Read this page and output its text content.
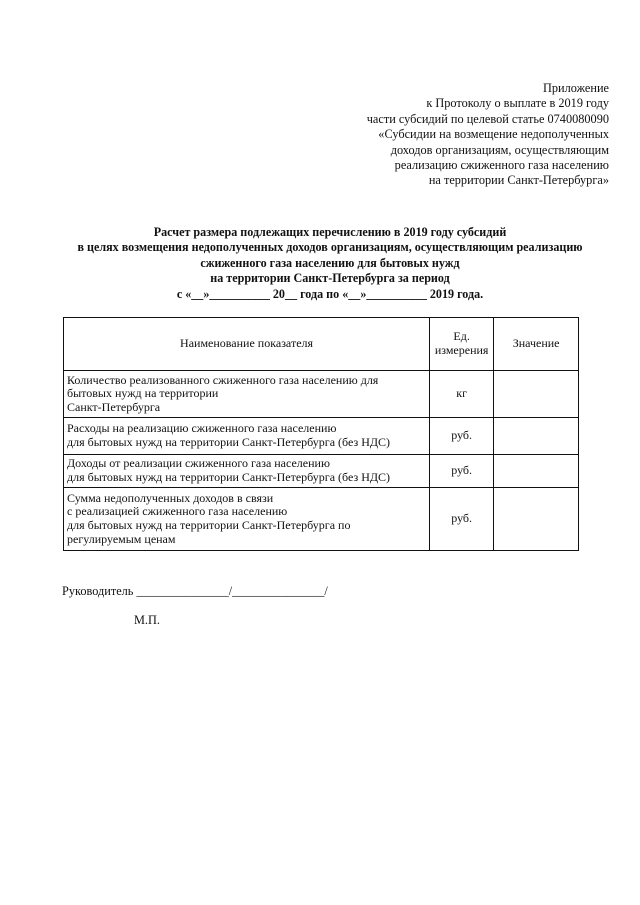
Приложение
к Протоколу о выплате в 2019 году
части субсидий по целевой статье 0740080090
«Субсидии на возмещение недополученных
доходов организациям, осуществляющим
реализацию сжиженного газа населению
на территории Санкт-Петербурга»
Расчет размера подлежащих перечислению в 2019 году субсидий
в целях возмещения недополученных доходов организациям, осуществляющим реализацию
сжиженного газа населению для бытовых нужд
на территории Санкт-Петербурга за период
с «__»__________ 20__ года по «__»__________ 2019 года.
Наименование показателя	Ед. измерения	Значение

Количество реализованного сжиженного газа населению для
бытовых нужд на территории
Санкт-Петербурга	кг	

Расходы на реализацию сжиженного газа населению
для бытовых нужд на территории Санкт-Петербурга (без НДС)	руб.	

Доходы от реализации сжиженного газа населению
для бытовых нужд на территории Санкт-Петербурга (без НДС)	руб.	

Сумма недополученных доходов в связи
с реализацией сжиженного газа населению
для бытовых нужд на территории Санкт-Петербурга по
регулируемым ценам	руб.	
Руководитель _______________/_______________/
М.П.
